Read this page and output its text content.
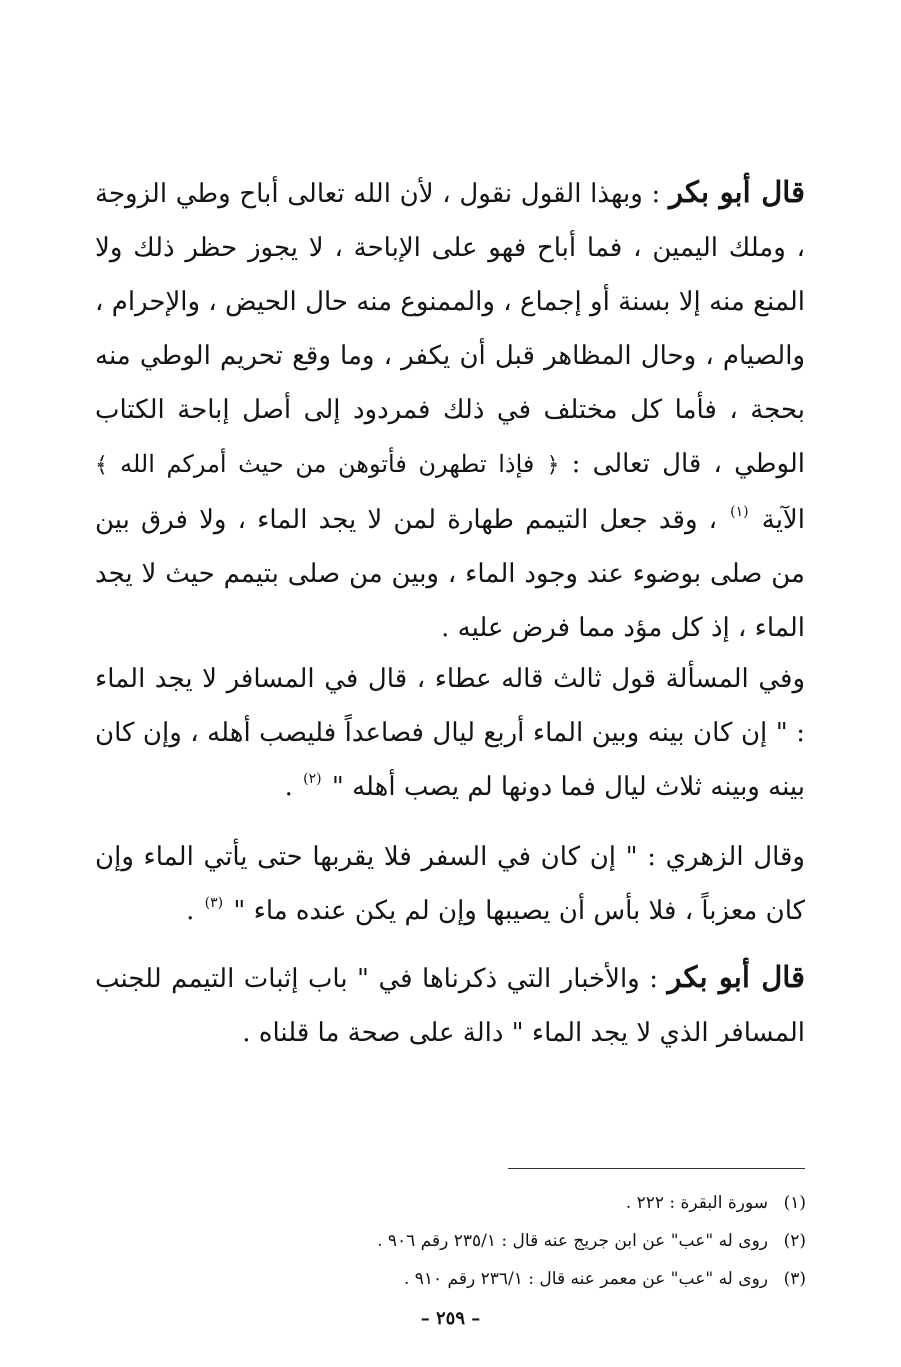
قال أبو بكر : وبهذا القول نقول ، لأن الله تعالى أباح وطي الزوجة ، وملك اليمين ، فما أباح فهو على الإباحة ، لا يجوز حظر ذلك ولا المنع منه إلا بسنة أو إجماع ، والممنوع منه حال الحيض ، والإحرام ، والصيام ، وحال المظاهر قبل أن يكفر ، وما وقع تحريم الوطي منه بحجة ، فأما كل مختلف في ذلك فمردود إلى أصل إباحة الكتاب الوطي ، قال تعالى : ﴿ فإذا تطهرن فأتوهن من حيث أمركم الله ﴾ الآية $^{(١)}$ ، وقد جعل التيمم طهارة لمن لا يجد الماء ، ولا فرق بين من صلى بوضوء عند وجود الماء ، وبين من صلى بتيمم حيث لا يجد الماء ، إذ كل مؤد مما فرض عليه .

وفي المسألة قول ثالث قاله عطاء ، قال في المسافر لا يجد الماء : " إن كان بينه وبين الماء أربع ليال فصاعداً فليصب أهله ، وإن كان بينه وبينه ثلاث ليال فما دونها لم يصب أهله " $^{(٢)}$ .

وقال الزهري : " إن كان في السفر فلا يقربها حتى يأتي الماء وإن كان معزباً ، فلا بأس أن يصيبها وإن لم يكن عنده ماء " $^{(٣)}$ .

قال أبو بكر : والأخبار التي ذكرناها في " باب إثبات التيمم للجنب المسافر الذي لا يجد الماء " دالة على صحة ما قلناه .

(١)سورة البقرة : ٢٢٢ .
(٢)روى له "عب" عن ابن جريج عنه قال : ٢٣٥/١ رقم ٩٠٦ .
(٣)روى له "عب" عن معمر عنه قال : ٢٣٦/١ رقم ٩١٠ .
– ٢٥٩ –
